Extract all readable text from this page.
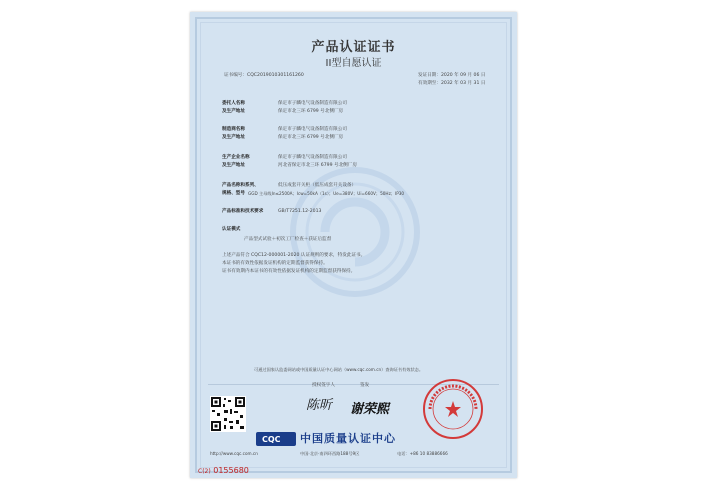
产品认证证书
II型自愿认证
证书编号：CQC2019010301161260	发证日期：2020 年 09 月 06 日
有效期至：2032 年 03 月 31 日
委托人名称	保定市子麟电气设备制造有限公司
及生产地址	保定市北三环 6799 号北侧厂房
制造商名称	保定市子麟电气设备制造有限公司
及生产地址	保定市北三环 6799 号北侧厂房
生产企业名称	保定市子麟电气设备制造有限公司
及生产地址	河北省保定市北三环 6799 号北侧厂房
产品名称和系列、	低压成套开关柜（低压成套开关设备）
规格、型号 GGD 主母线In≤2500A；Icw=50kA（1s）；Ue=380V；Ui=660V；50Hz；IP30
产品标准和技术要求	GB/T7251.12-2013
认证模式
产品型式试验＋初次工厂检查＋获证后监督
上述产品符合 CQC12-000001-2020 认证规则的要求，特发此证书。
本证书的有效性依据发证机构的定期监督获得保持。
证书有效期内本证书的有效性依据发证机构的定期监督获得保持。
可通过国家认监委网站或中国质量认证中心网站（www.cqc.com.cn）查询证书有效状态。
授权签字人	签发
陈昕 谢荣熙
CQC 中国质量认证中心
http://www.cqc.com.cn	中国·北京·南四环西路188号9区　　　　　　　　　电话：+86 10 83886666
C(2) 0155680
